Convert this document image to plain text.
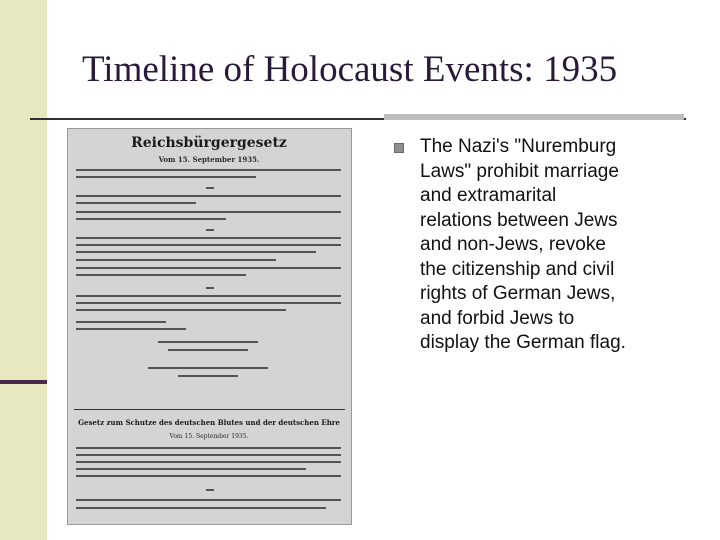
Timeline of Holocaust Events: 1935
Reichsbürgergesetz
Vom 15. September 1935.
Gesetz zum Schutze des deutschen Blutes und der deutschen Ehre
Vom 15. September 1935.
The Nazi's "Nuremburg
Laws" prohibit marriage
and extramarital
relations between Jews
and non-Jews, revoke
the citizenship and civil
rights of German Jews,
and forbid Jews to
display the German flag.
